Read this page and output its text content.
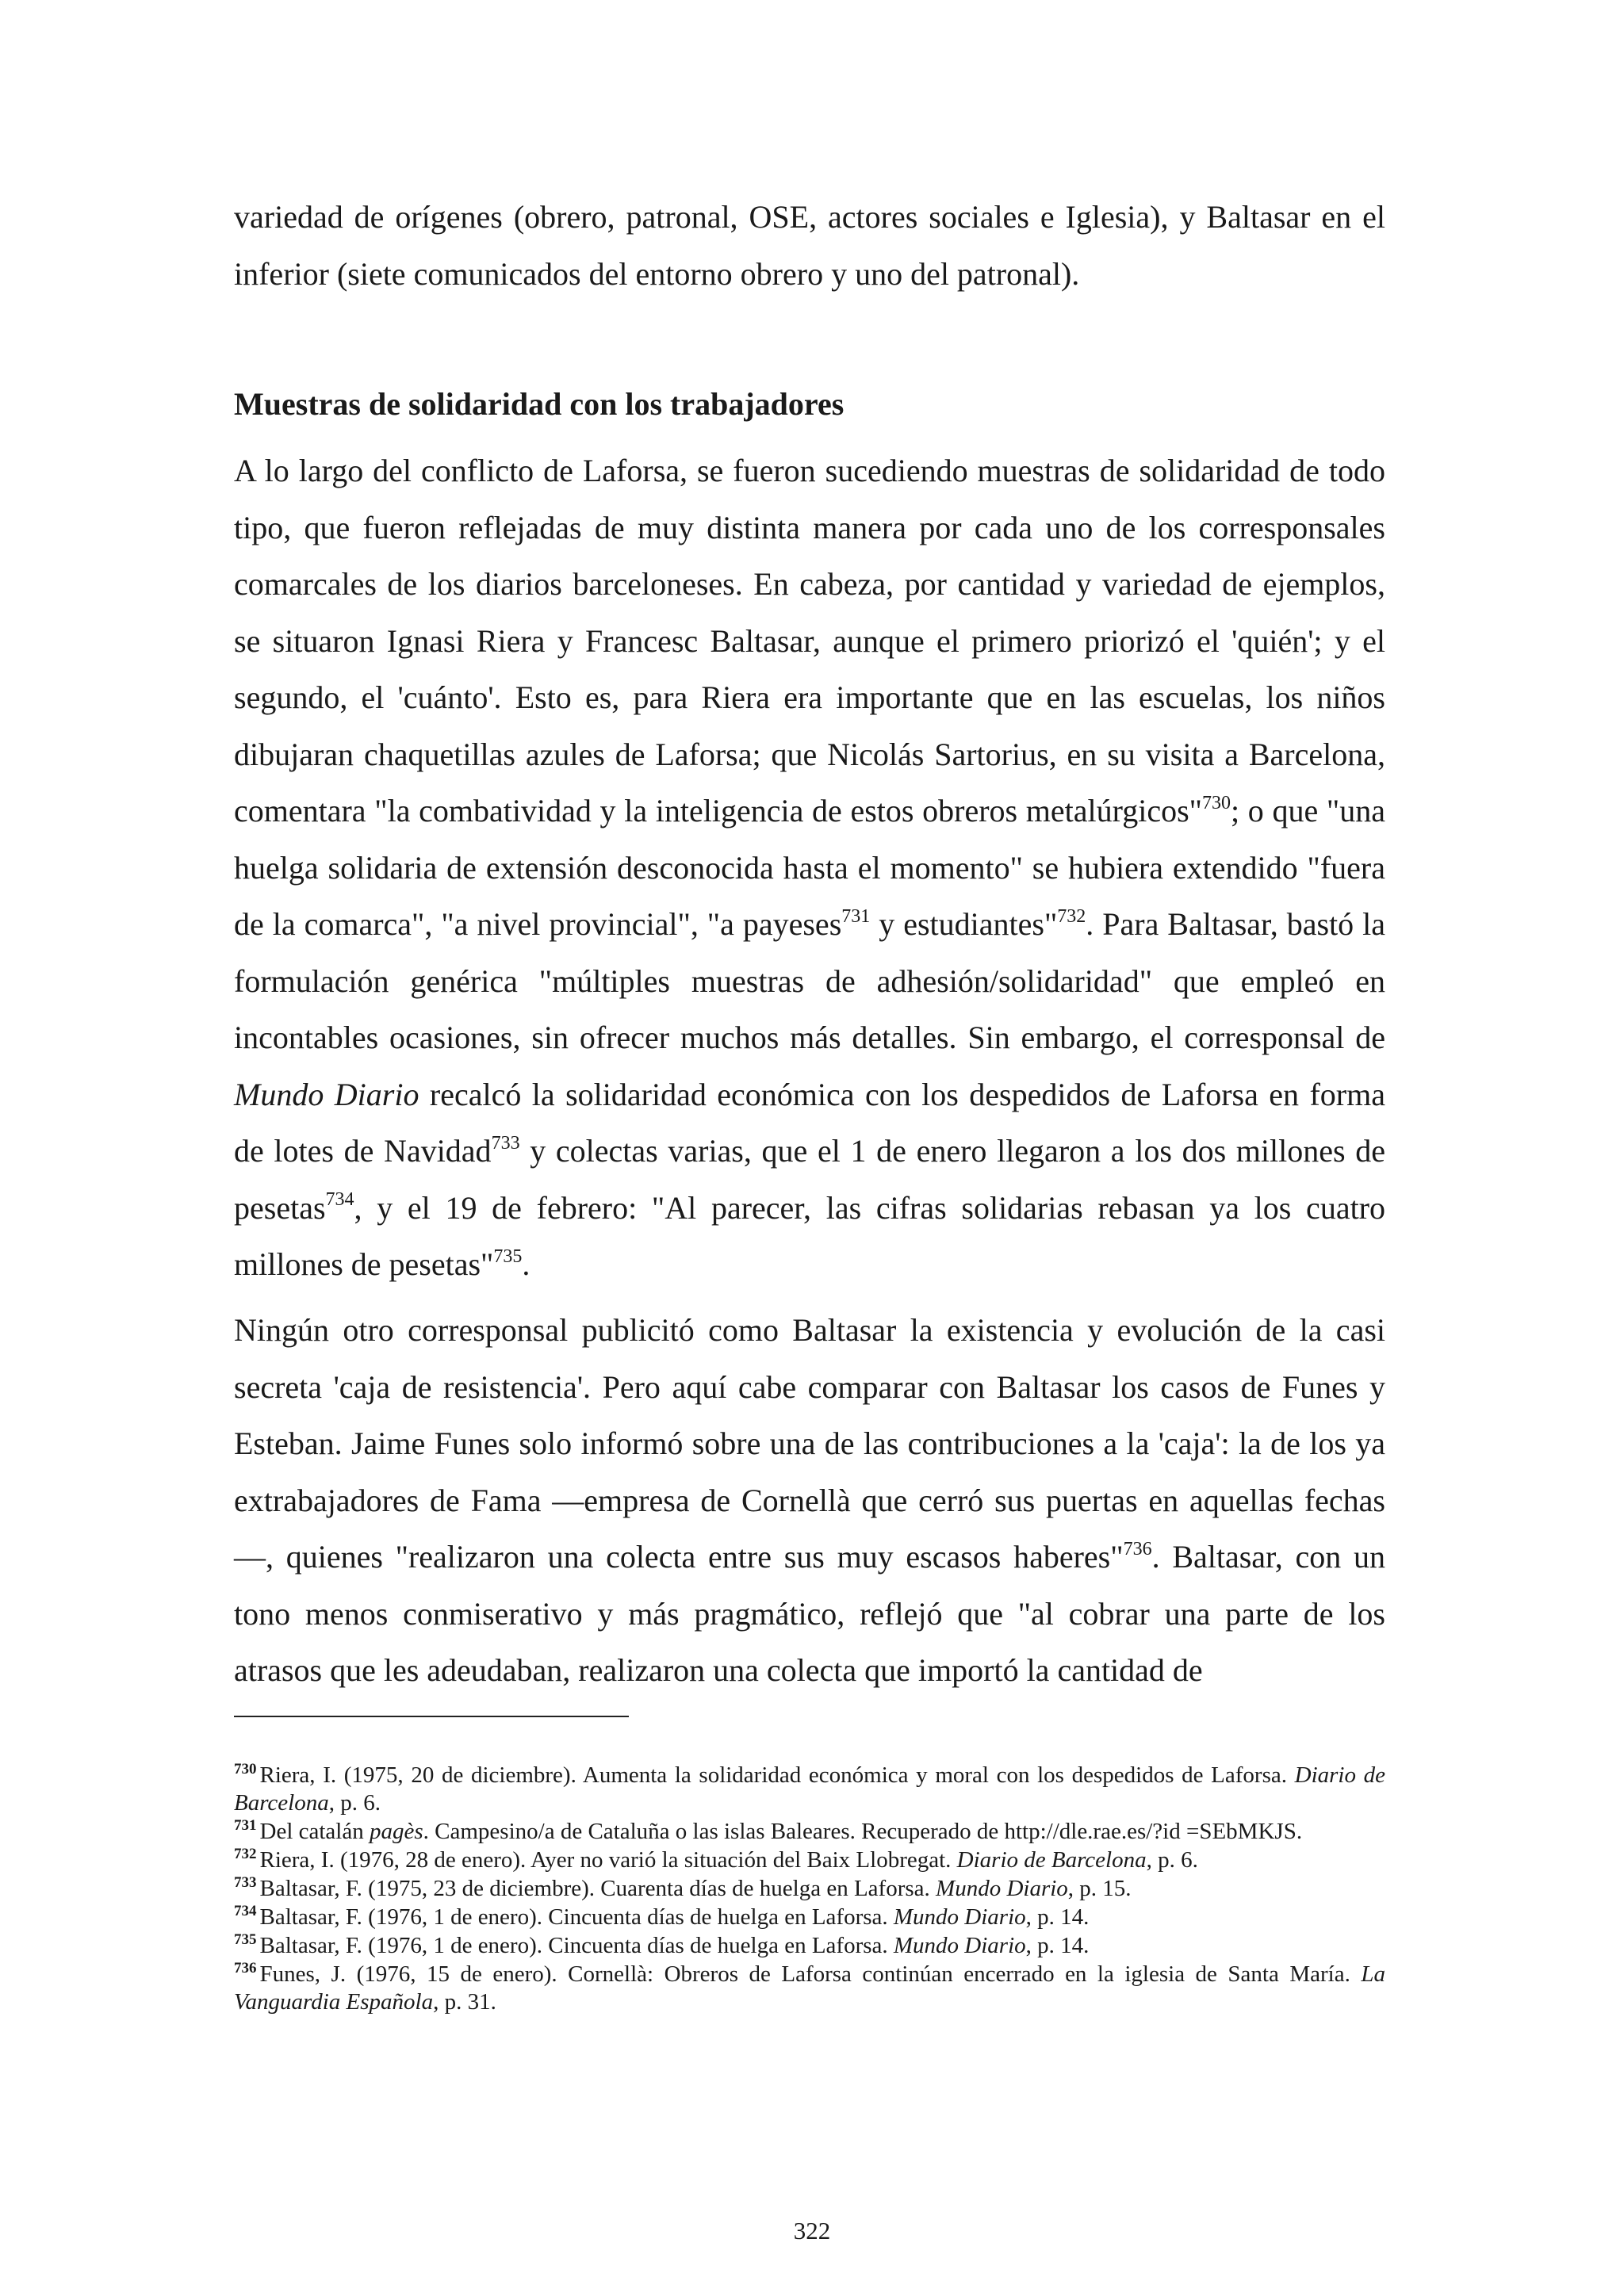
variedad de orígenes (obrero, patronal, OSE, actores sociales e Iglesia), y Baltasar en el inferior (siete comunicados del entorno obrero y uno del patronal).

Muestras de solidaridad con los trabajadores

A lo largo del conflicto de Laforsa, se fueron sucediendo muestras de solidaridad de todo tipo, que fueron reflejadas de muy distinta manera por cada uno de los corresponsales comarcales de los diarios barceloneses. En cabeza, por cantidad y variedad de ejemplos, se situaron Ignasi Riera y Francesc Baltasar, aunque el primero priorizó el 'quién'; y el segundo, el 'cuánto'. Esto es, para Riera era importante que en las escuelas, los niños dibujaran chaquetillas azules de Laforsa; que Nicolás Sartorius, en su visita a Barcelona, comentara "la combatividad y la inteligencia de estos obreros metalúrgicos"$^{730}$; o que "una huelga solidaria de extensión desconocida hasta el momento" se hubiera extendido "fuera de la comarca", "a nivel provincial", "a payeses$^{731}$ y estudiantes"$^{732}$. Para Baltasar, bastó la formulación genérica "múltiples muestras de adhesión/solidaridad" que empleó en incontables ocasiones, sin ofrecer muchos más detalles. Sin embargo, el corresponsal de Mundo Diario recalcó la solidaridad económica con los despedidos de Laforsa en forma de lotes de Navidad$^{733}$ y colectas varias, que el 1 de enero llegaron a los dos millones de pesetas$^{734}$, y el 19 de febrero: "Al parecer, las cifras solidarias rebasan ya los cuatro millones de pesetas"$^{735}$.

Ningún otro corresponsal publicitó como Baltasar la existencia y evolución de la casi secreta 'caja de resistencia'. Pero aquí cabe comparar con Baltasar los casos de Funes y Esteban. Jaime Funes solo informó sobre una de las contribuciones a la 'caja': la de los ya extrabajadores de Fama —empresa de Cornellà que cerró sus puertas en aquellas fechas—, quienes "realizaron una colecta entre sus muy escasos haberes"$^{736}$. Baltasar, con un tono menos conmiserativo y más pragmático, reflejó que "al cobrar una parte de los atrasos que les adeudaban, realizaron una colecta que importó la cantidad de

$^{730}$ Riera, I. (1975, 20 de diciembre). Aumenta la solidaridad económica y moral con los despedidos de Laforsa. Diario de Barcelona, p. 6.

$^{731}$ Del catalán pagès. Campesino/a de Cataluña o las islas Baleares. Recuperado de http://dle.rae.es/?id =SEbMKJS.

$^{732}$ Riera, I. (1976, 28 de enero). Ayer no varió la situación del Baix Llobregat. Diario de Barcelona, p. 6.

$^{733}$ Baltasar, F. (1975, 23 de diciembre). Cuarenta días de huelga en Laforsa. Mundo Diario, p. 15.

$^{734}$ Baltasar, F. (1976, 1 de enero). Cincuenta días de huelga en Laforsa. Mundo Diario, p. 14.

$^{735}$ Baltasar, F. (1976, 1 de enero). Cincuenta días de huelga en Laforsa. Mundo Diario, p. 14.

$^{736}$ Funes, J. (1976, 15 de enero). Cornellà: Obreros de Laforsa continúan encerrado en la iglesia de Santa María. La Vanguardia Española, p. 31.

322
